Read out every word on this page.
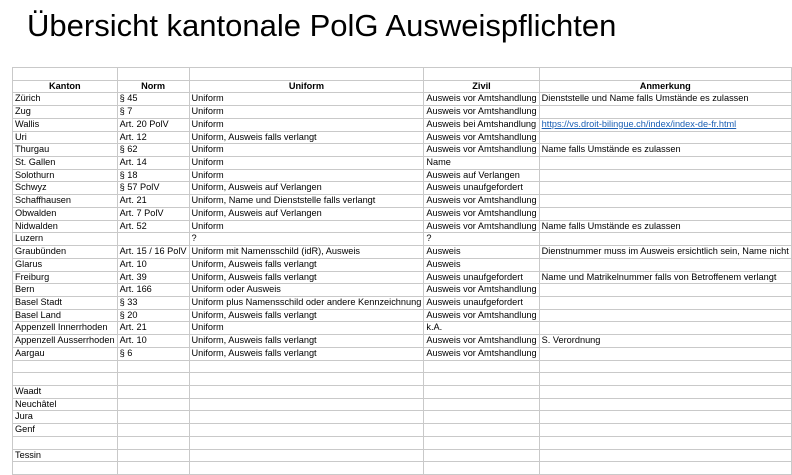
Übersicht kantonale PolG Ausweispflichten

Kanton	Norm	Uniform	Zivil	Anmerkung
Zürich	§ 45	Uniform	Ausweis vor Amtshandlung	Dienststelle und Name falls Umstände es zulassen
Zug	§ 7	Uniform	Ausweis vor Amtshandlung	
Wallis	Art. 20 PolV	Uniform	Ausweis bei Amtshandlung	https://vs.droit-bilingue.ch/index/index-de-fr.html
Uri	Art. 12	Uniform, Ausweis falls verlangt	Ausweis vor Amtshandlung	
Thurgau	§ 62	Uniform	Ausweis vor Amtshandlung	Name falls Umstände es zulassen
St. Gallen	Art. 14	Uniform	Name	
Solothurn	§ 18	Uniform	Ausweis auf Verlangen	
Schwyz	§ 57 PolV	Uniform, Ausweis auf Verlangen	Ausweis unaufgefordert	
Schaffhausen	Art. 21	Uniform, Name und Dienststelle falls verlangt	Ausweis vor Amtshandlung	
Obwalden	Art. 7 PolV	Uniform, Ausweis auf Verlangen	Ausweis vor Amtshandlung	
Nidwalden	Art. 52	Uniform	Ausweis vor Amtshandlung	Name falls Umstände es zulassen
Luzern		?	?	
Graubünden	Art. 15 / 16 PolV	Uniform mit Namensschild (idR), Ausweis	Ausweis	Dienstnummer muss im Ausweis ersichtlich sein, Name nicht
Glarus	Art. 10	Uniform, Ausweis falls verlangt	Ausweis	
Freiburg	Art. 39	Uniform, Ausweis falls verlangt	Ausweis unaufgefordert	Name und Matrikelnummer falls von Betroffenem verlangt
Bern	Art. 166	Uniform oder Ausweis	Ausweis vor Amtshandlung	
Basel Stadt	§ 33	Uniform plus Namensschild oder andere Kennzeichnung	Ausweis unaufgefordert	
Basel Land	§ 20	Uniform, Ausweis falls verlangt	Ausweis vor Amtshandlung	
Appenzell Innerrhoden	Art. 21	Uniform	k.A.	
Appenzell Ausserrhoden	Art. 10	Uniform, Ausweis falls verlangt	Ausweis vor Amtshandlung	S. Verordnung
Aargau	§ 6	Uniform, Ausweis falls verlangt	Ausweis vor Amtshandlung	

Waadt				
Neuchâtel				
Jura				
Genf				

Tessin				
